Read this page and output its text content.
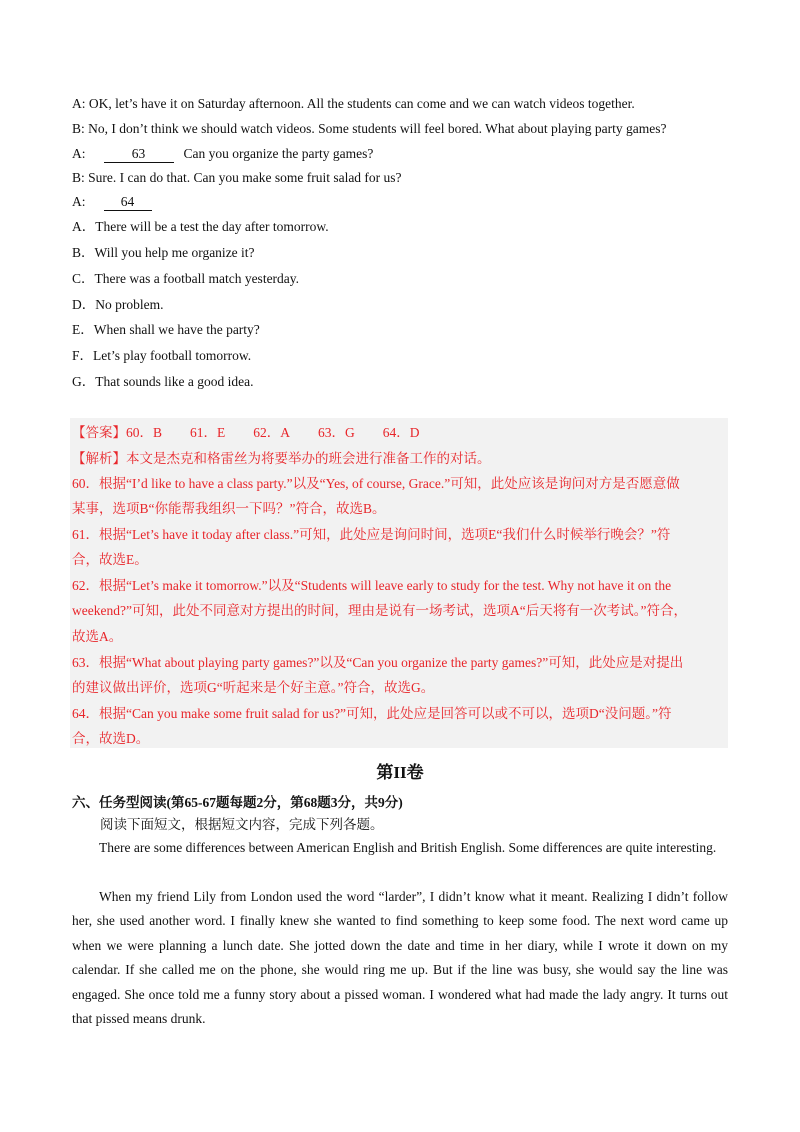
A: OK, let’s have it on Saturday afternoon. All the students can come and we can watch videos together.
B: No, I don’t think we should watch videos. Some students will feel bored. What about playing party games?
A:	63	Can you organize the party games?
B: Sure. I can do that. Can you make some fruit salad for us?
A:	64
A．There will be a test the day after tomorrow.
B．Will you help me organize it?
C．There was a football match yesterday.
D．No problem.
E．When shall we have the party?
F．Let’s play football tomorrow.
G．That sounds like a good idea.
【答案】60．B 61．E 62．A 63．G 64．D
【解析】本文是杰克和格雷丝为将要举办的班会进行准备工作的对话。
60．根据“I’d like to have a class party.”以及“Yes, of course, Grace.”可知，此处应该是询问对方是否愿意做
某事，选项B“你能帮我组织一下吗？”符合，故选B。
61．根据“Let’s have it today after class.”可知，此处应是询问时间，选项E“我们什么时候举行晚会？”符
合，故选E。
62．根据“Let’s make it tomorrow.”以及“Students will leave early to study for the test. Why not have it on the
weekend?”可知，此处不同意对方提出的时间，理由是说有一场考试，选项A“后天将有一次考试。”符合，
故选A。
63．根据“What about playing party games?”以及“Can you organize the party games?”可知，此处应是对提出
的建议做出评价，选项G“听起来是个好主意。”符合，故选G。
64．根据“Can you make some fruit salad for us?”可知，此处应是回答可以或不可以，选项D“没问题。”符
合，故选D。
第II卷
六、任务型阅读(第65-67题每题2分，第68题3分，共9分)
阅读下面短文，根据短文内容，完成下列各题。
There are some differences between American English and British English. Some differences are quite interesting.
When my friend Lily from London used the word “larder”, I didn’t know what it meant. Realizing I didn’t follow her, she used another word. I finally knew she wanted to find something to keep some food. The next word came up when we were planning a lunch date. She jotted down the date and time in her diary, while I wrote it down on my calendar. If she called me on the phone, she would ring me up. But if the line was busy, she would say the line was engaged. She once told me a funny story about a pissed woman. I wondered what had made the lady angry. It turns out that pissed means drunk.
